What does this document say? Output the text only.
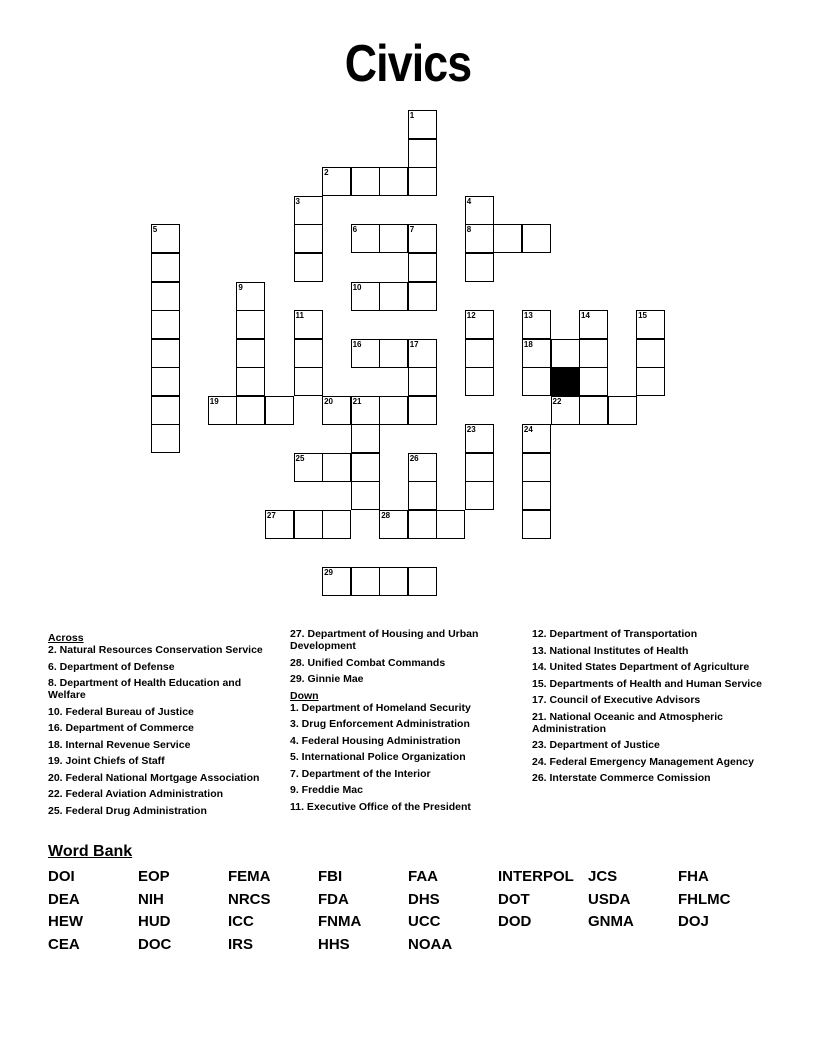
Civics
1
2
3	4
8
5	6	7
9	10
11	12	13
18
14	15
16	17
19	20 21	22
23	24
25	26
27	28
29
Across
2. Natural Resources Conservation Service
6. Department of Defense
8. Department of Health Education and Welfare
10. Federal Bureau of Justice
16. Department of Commerce
18. Internal Revenue Service
19. Joint Chiefs of Staff
20. Federal National Mortgage Association
22. Federal Aviation Administration
25. Federal Drug Administration
27. Department of Housing and Urban Development
28. Unified Combat Commands
29. Ginnie Mae
Down
1. Department of Homeland Security
3. Drug Enforcement Administration
4. Federal Housing Administration
5. International Police Organization
7. Department of the Interior
9. Freddie Mac
11. Executive Office of the President
12. Department of Transportation
13. National Institutes of Health
14. United States Department of Agriculture
15. Departments of Health and Human Service
17. Council of Executive Advisors
21. National Oceanic and Atmospheric Administration
23. Department of Justice
24. Federal Emergency Management Agency
26. Interstate Commerce Comission
Word Bank
DOI	EOP	FEMA	FBI	FAA	INTERPOL JCS	FHA
DEA	NIH	NRCS	FDA	DHS	DOT	USDA	FHLMC
HEW	HUD	ICC	FNMA	UCC	DOD	GNMA	DOJ
CEA	DOC	IRS	HHS	NOAA
